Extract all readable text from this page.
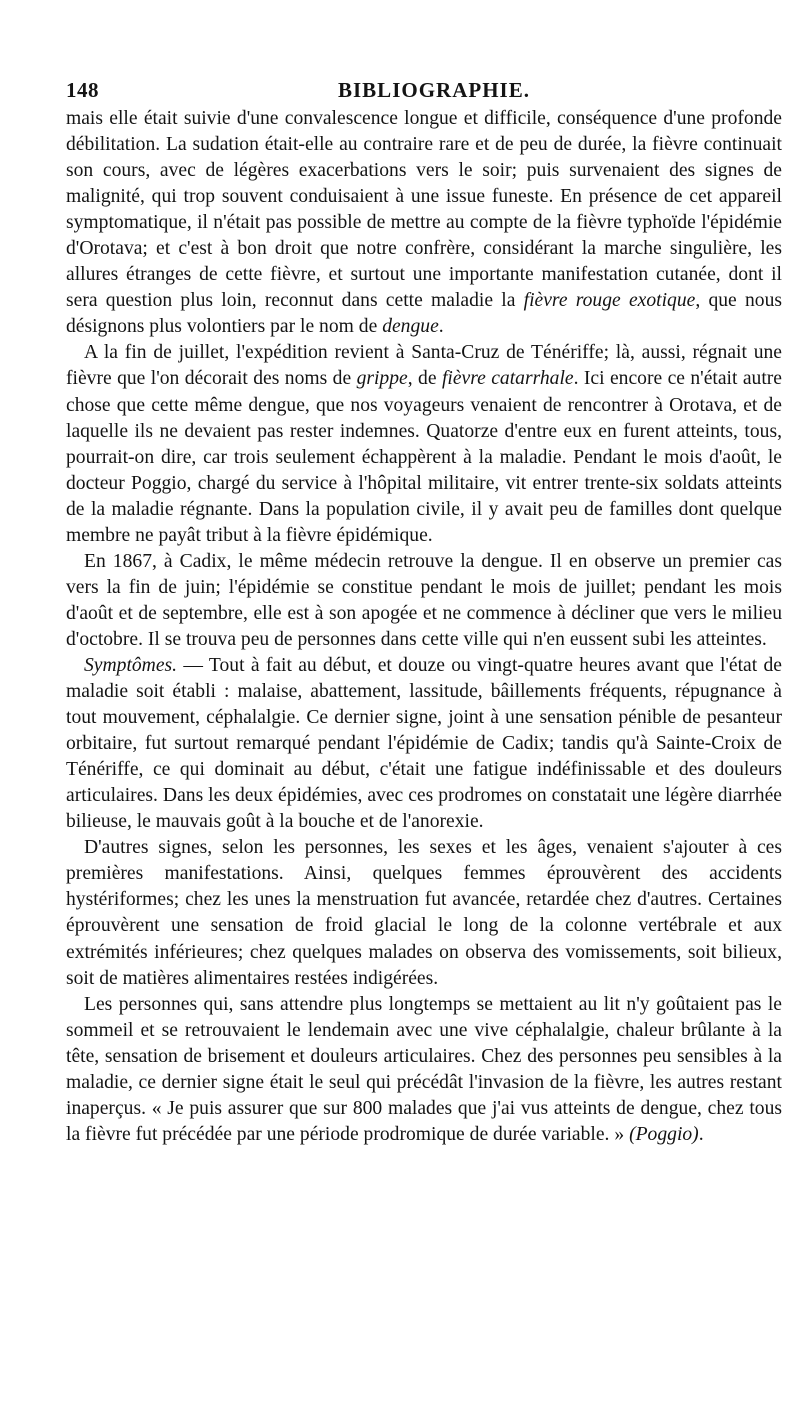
148	BIBLIOGRAPHIE.

mais elle était suivie d'une convalescence longue et difficile, conséquence d'une profonde débilitation. La sudation était-elle au contraire rare et de peu de durée, la fièvre continuait son cours, avec de légères exacerbations vers le soir; puis survenaient des signes de malignité, qui trop souvent conduisaient à une issue funeste. En présence de cet appareil symptomatique, il n'était pas possible de mettre au compte de la fièvre typhoïde l'épidémie d'Orotava; et c'est à bon droit que notre confrère, considérant la marche singulière, les allures étranges de cette fièvre, et surtout une importante manifestation cutanée, dont il sera question plus loin, reconnut dans cette maladie la fièvre rouge exotique, que nous désignons plus volontiers par le nom de dengue.

A la fin de juillet, l'expédition revient à Santa-Cruz de Ténériffe; là, aussi, régnait une fièvre que l'on décorait des noms de grippe, de fièvre catarrhale. Ici encore ce n'était autre chose que cette même dengue, que nos voyageurs venaient de rencontrer à Orotava, et de laquelle ils ne devaient pas rester indemnes. Quatorze d'entre eux en furent atteints, tous, pourrait-on dire, car trois seulement échappèrent à la maladie. Pendant le mois d'août, le docteur Poggio, chargé du service à l'hôpital militaire, vit entrer trente-six soldats atteints de la maladie régnante. Dans la population civile, il y avait peu de familles dont quelque membre ne payât tribut à la fièvre épidémique.

En 1867, à Cadix, le même médecin retrouve la dengue. Il en observe un premier cas vers la fin de juin; l'épidémie se constitue pendant le mois de juillet; pendant les mois d'août et de septembre, elle est à son apogée et ne commence à décliner que vers le milieu d'octobre. Il se trouva peu de personnes dans cette ville qui n'en eussent subi les atteintes.

Symptômes. — Tout à fait au début, et douze ou vingt-quatre heures avant que l'état de maladie soit établi : malaise, abattement, lassitude, bâillements fréquents, répugnance à tout mouvement, céphalalgie. Ce dernier signe, joint à une sensation pénible de pesanteur orbitaire, fut surtout remarqué pendant l'épidémie de Cadix; tandis qu'à Sainte-Croix de Ténériffe, ce qui dominait au début, c'était une fatigue indéfinissable et des douleurs articulaires. Dans les deux épidémies, avec ces prodromes on constatait une légère diarrhée bilieuse, le mauvais goût à la bouche et de l'anorexie.

D'autres signes, selon les personnes, les sexes et les âges, venaient s'ajouter à ces premières manifestations. Ainsi, quelques femmes éprouvèrent des accidents hystériformes; chez les unes la menstruation fut avancée, retardée chez d'autres. Certaines éprouvèrent une sensation de froid glacial le long de la colonne vertébrale et aux extrémités inférieures; chez quelques malades on observa des vomissements, soit bilieux, soit de matières alimentaires restées indigérées.

Les personnes qui, sans attendre plus longtemps se mettaient au lit n'y goûtaient pas le sommeil et se retrouvaient le lendemain avec une vive céphalalgie, chaleur brûlante à la tête, sensation de brisement et douleurs articulaires. Chez des personnes peu sensibles à la maladie, ce dernier signe était le seul qui précédât l'invasion de la fièvre, les autres restant inaperçus. « Je puis assurer que sur 800 malades que j'ai vus atteints de dengue, chez tous la fièvre fut précédée par une période prodromique de durée variable. » (Poggio).
